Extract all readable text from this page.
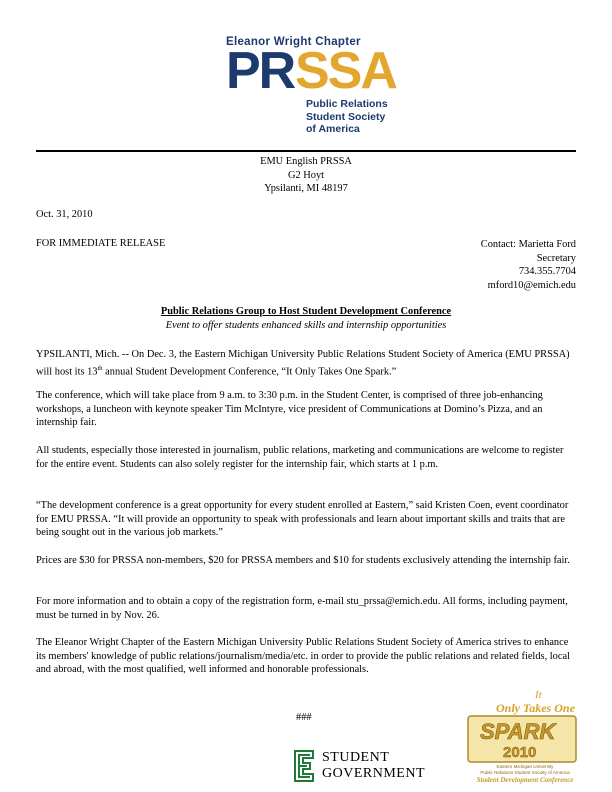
Eleanor Wright Chapter
PR SSA
Public Relations
Student Society
of America
EMU English PRSSA
G2 Hoyt
Ypsilanti, MI 48197
Oct. 31, 2010
FOR IMMEDIATE RELEASE	Contact: Marietta Ford
Secretary
734.355.7704
mford10@emich.edu
Public Relations Group to Host Student Development Conference
Event to offer students enhanced skills and internship opportunities
YPSILANTI, Mich. -- On Dec. 3, the Eastern Michigan University Public Relations Student Society of America (EMU PRSSA) will host its 13th annual Student Development Conference, “It Only Takes One Spark.”
The conference, which will take place from 9 a.m. to 3:30 p.m. in the Student Center, is comprised of three job-enhancing workshops, a luncheon with keynote speaker Tim McIntyre, vice president of Communications at Domino’s Pizza, and an internship fair.
All students, especially those interested in journalism, public relations, marketing and communications are welcome to register for the entire event. Students can also solely register for the internship fair, which starts at 1 p.m.
“The development conference is a great opportunity for every student enrolled at Eastern,” said Kristen Coen, event coordinator for EMU PRSSA. “It will provide an opportunity to speak with professionals and learn about important skills and traits that are being sought out in the various job markets.”
Prices are $30 for PRSSA non-members, $20 for PRSSA members and $10 for students exclusively attending the internship fair.
For more information and to obtain a copy of the registration form, e-mail stu_prssa@emich.edu. All forms, including payment, must be turned in by Nov. 26.
The Eleanor Wright Chapter of the Eastern Michigan University Public Relations Student Society of America strives to enhance its members' knowledge of public relations/journalism/media/etc. in order to provide the public relations and related fields, local and abroad, with the most qualified, well informed and honorable professionals.
###
STUDENT
GOVERNMENT
It
Only Takes One
SPARK
2010
Eastern Michigan University
Public Relations Student Society of America
Student Development Conference
